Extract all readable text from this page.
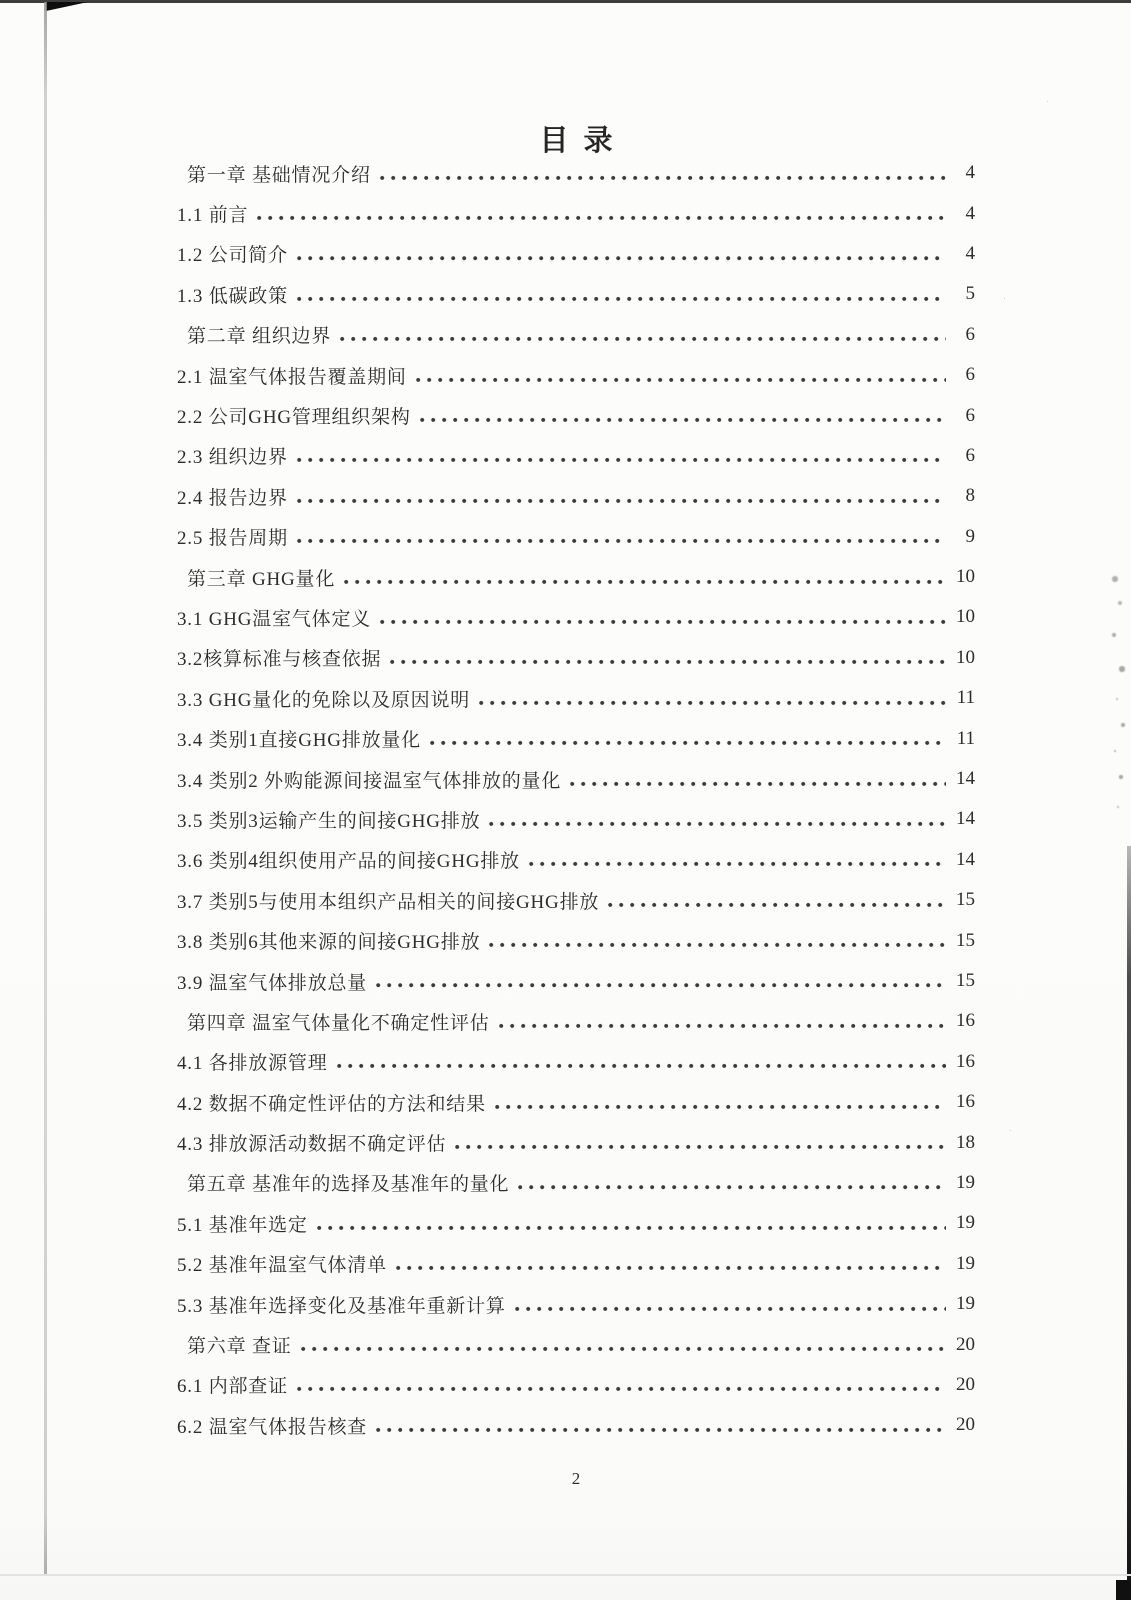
目录
第一章 基础情况介绍	4
1.1 前言	4
1.2 公司简介	4
1.3 低碳政策	5
第二章 组织边界	6
2.1 温室气体报告覆盖期间	6
2.2 公司GHG管理组织架构	6
2.3 组织边界	6
2.4 报告边界	8
2.5 报告周期	9
第三章 GHG量化	10
3.1 GHG温室气体定义	10
3.2核算标准与核查依据	10
3.3 GHG量化的免除以及原因说明	11
3.4 类别1直接GHG排放量化	11
3.4 类别2 外购能源间接温室气体排放的量化	14
3.5 类别3运输产生的间接GHG排放	14
3.6 类别4组织使用产品的间接GHG排放	14
3.7 类别5与使用本组织产品相关的间接GHG排放	15
3.8 类别6其他来源的间接GHG排放	15
3.9 温室气体排放总量	15
第四章 温室气体量化不确定性评估	16
4.1 各排放源管理	16
4.2 数据不确定性评估的方法和结果	16
4.3 排放源活动数据不确定评估	18
第五章 基准年的选择及基准年的量化	19
5.1 基准年选定	19
5.2 基准年温室气体清单	19
5.3 基准年选择变化及基准年重新计算	19
第六章 查证	20
6.1 内部查证	20
6.2 温室气体报告核查	20
2
